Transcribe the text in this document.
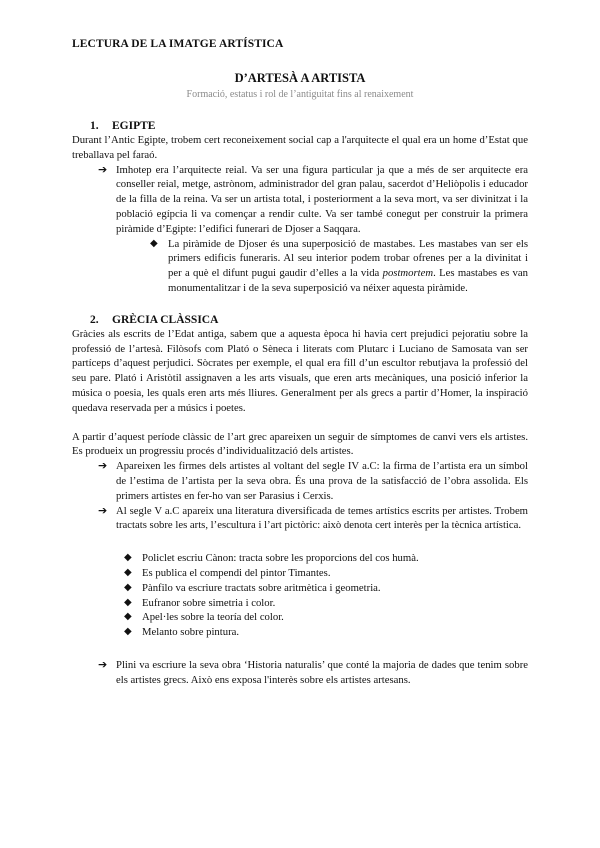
LECTURA DE LA IMATGE ARTÍSTICA
D’ARTESÀ A ARTISTA
Formació, estatus i rol de l’antiguitat fins al renaixement
1. EGIPTE

Durant l’Antic Egipte, trobem cert reconeixement social cap a l'arquitecte el qual era un home d’Estat que treballava pel faraó.

➔ Imhotep era l’arquitecte reial. Va ser una figura particular ja que a més de ser arquitecte era conseller reial, metge, astrònom, administrador del gran palau, sacerdot d’Heliòpolis i educador de la filla de la reina. Va ser un artista total, i posteriorment a la seva mort, va ser divinitzat i la població egípcia li va començar a rendir culte. Va ser també conegut per construir la primera piràmide d’Egipte: l’edifici funerari de Djoser a Saqqara.
◆ La piràmide de Djoser és una superposició de mastabes. Les mastabes van ser els primers edificis funeraris. Al seu interior podem trobar ofrenes per a la divinitat i per a què el difunt pugui gaudir d’elles a la vida postmortem. Les mastabes es van monumentalitzar i de la seva superposició va néixer aquesta piràmide.
2. GRÈCIA CLÀSSICA

Gràcies als escrits de l’Edat antiga, sabem que a aquesta època hi havia cert prejudici pejoratiu sobre la professió de l’artesà. Filòsofs com Plató o Sèneca i literats com Plutarc i Luciano de Samosata van ser partíceps d’aquest perjudici. Sòcrates per exemple, el qual era fill d’un escultor rebutjava la professió del seu pare. Plató i Aristòtil assignaven a les arts visuals, que eren arts mecàniques, una posició inferior la música o poesia, les quals eren arts més lliures. Generalment per als grecs a partir d’Homer, la inspiració quedava reservada per a músics i poetes.

A partir d’aquest període clàssic de l’art grec apareixen un seguir de símptomes de canvi vers els artistes. Es produeix un progressiu procés d’individualització dels artistes.

➔ Apareixen les firmes dels artistes al voltant del segle IV a.C: la firma de l’artista era un símbol de l’estima de l’artista per la seva obra. És una prova de la satisfacció de l’obra assolida. Els primers artistes en fer-ho van ser Parasius i Cerxis.
➔ Al segle V a.C apareix una literatura diversificada de temes artístics escrits per artistes. Trobem tractats sobre les arts, l’escultura i l’art pictòric: això denota cert interès per la tècnica artística.
◆ Policlet escriu Cànon: tracta sobre les proporcions del cos humà.
◆ Es publica el compendi del pintor Timantes.
◆ Pànfilo va escriure tractats sobre aritmètica i geometria.
◆ Eufranor sobre simetria i color.
◆ Apel·les sobre la teoría del color.
◆ Melanto sobre pintura.
➔ Plini va escriure la seva obra ‘Historia naturalis’ que conté la majoria de dades que tenim sobre els artistes grecs. Això ens exposa l'interès sobre els artistes artesans.
